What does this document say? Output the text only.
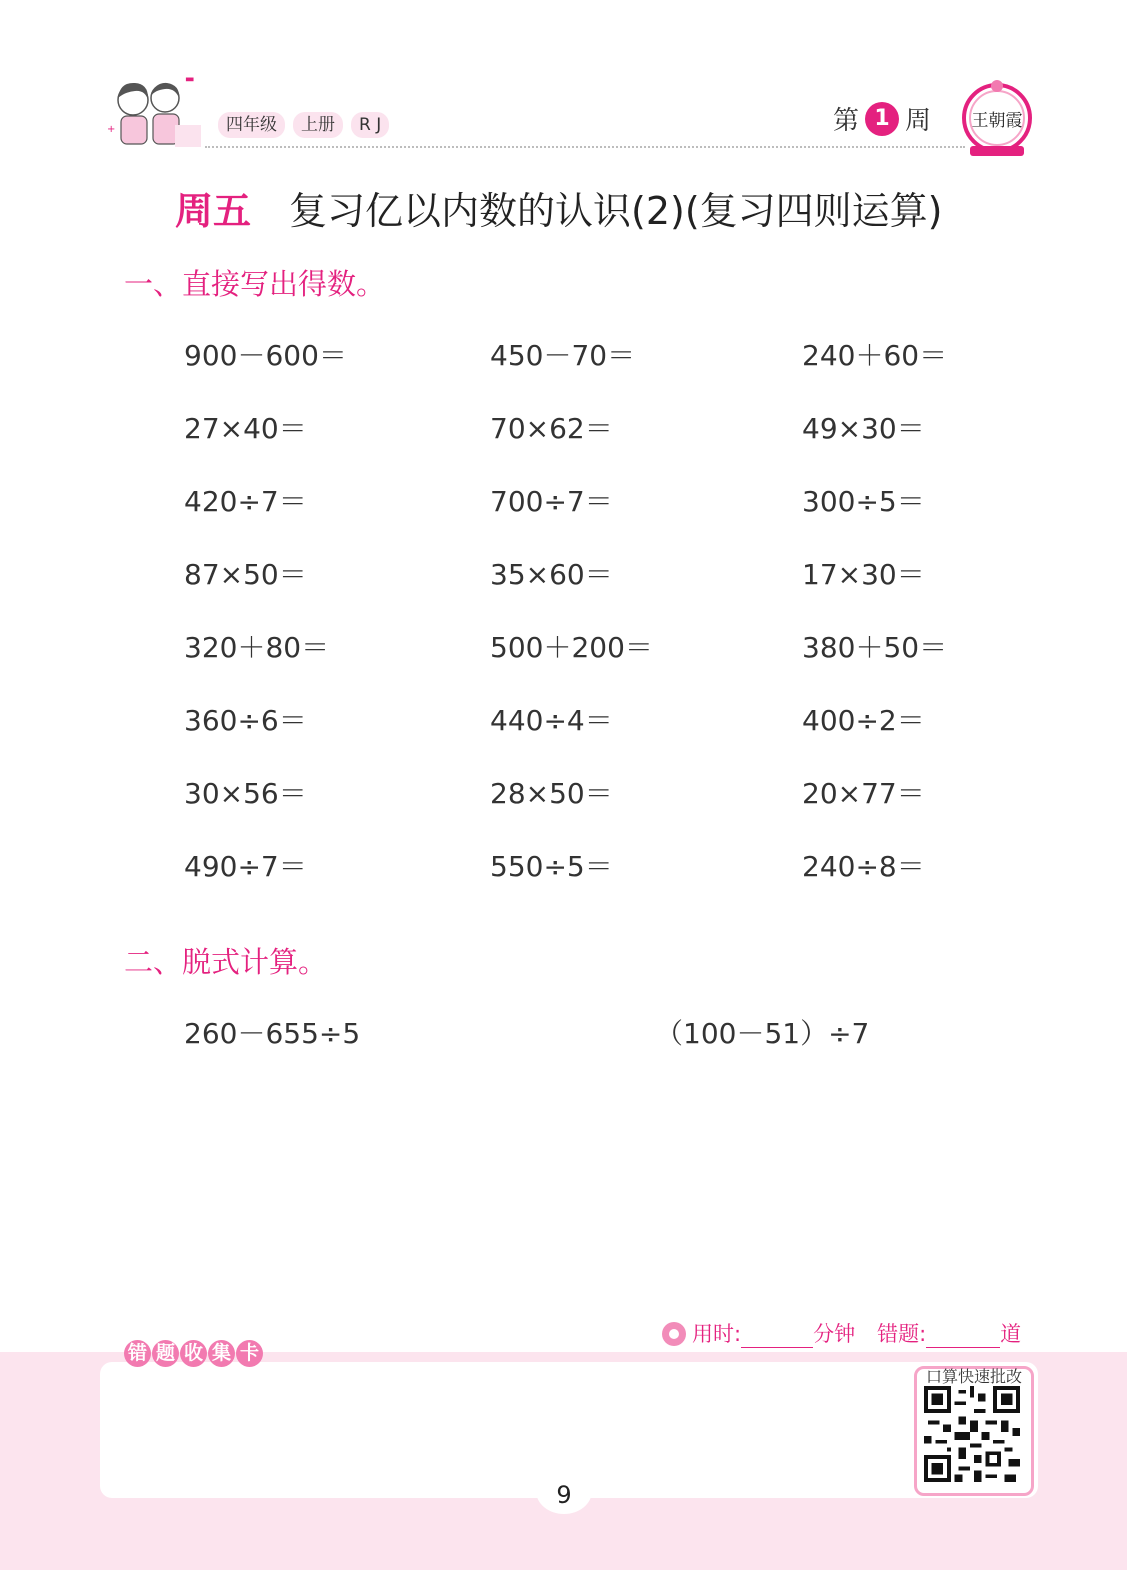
+
▬
四年级	上册	R J	第 1 周 王朝霞
周五 复习亿以内数的认识(2)(复习四则运算)
一、直接写出得数。
900－600＝	450－70＝	240＋60＝
27×40＝	70×62＝	49×30＝
420÷7＝	700÷7＝	300÷5＝
87×50＝	35×60＝	17×30＝
320＋80＝	500＋200＝	380＋50＝
360÷6＝	440÷4＝	400÷2＝
30×56＝	28×50＝	20×77＝
490÷7＝	550÷5＝	240÷8＝
二、脱式计算。
260－655÷5	（100－51）÷7
用时:	分钟 错题:	道
错 题 收 集 卡
口算快速批改
9
